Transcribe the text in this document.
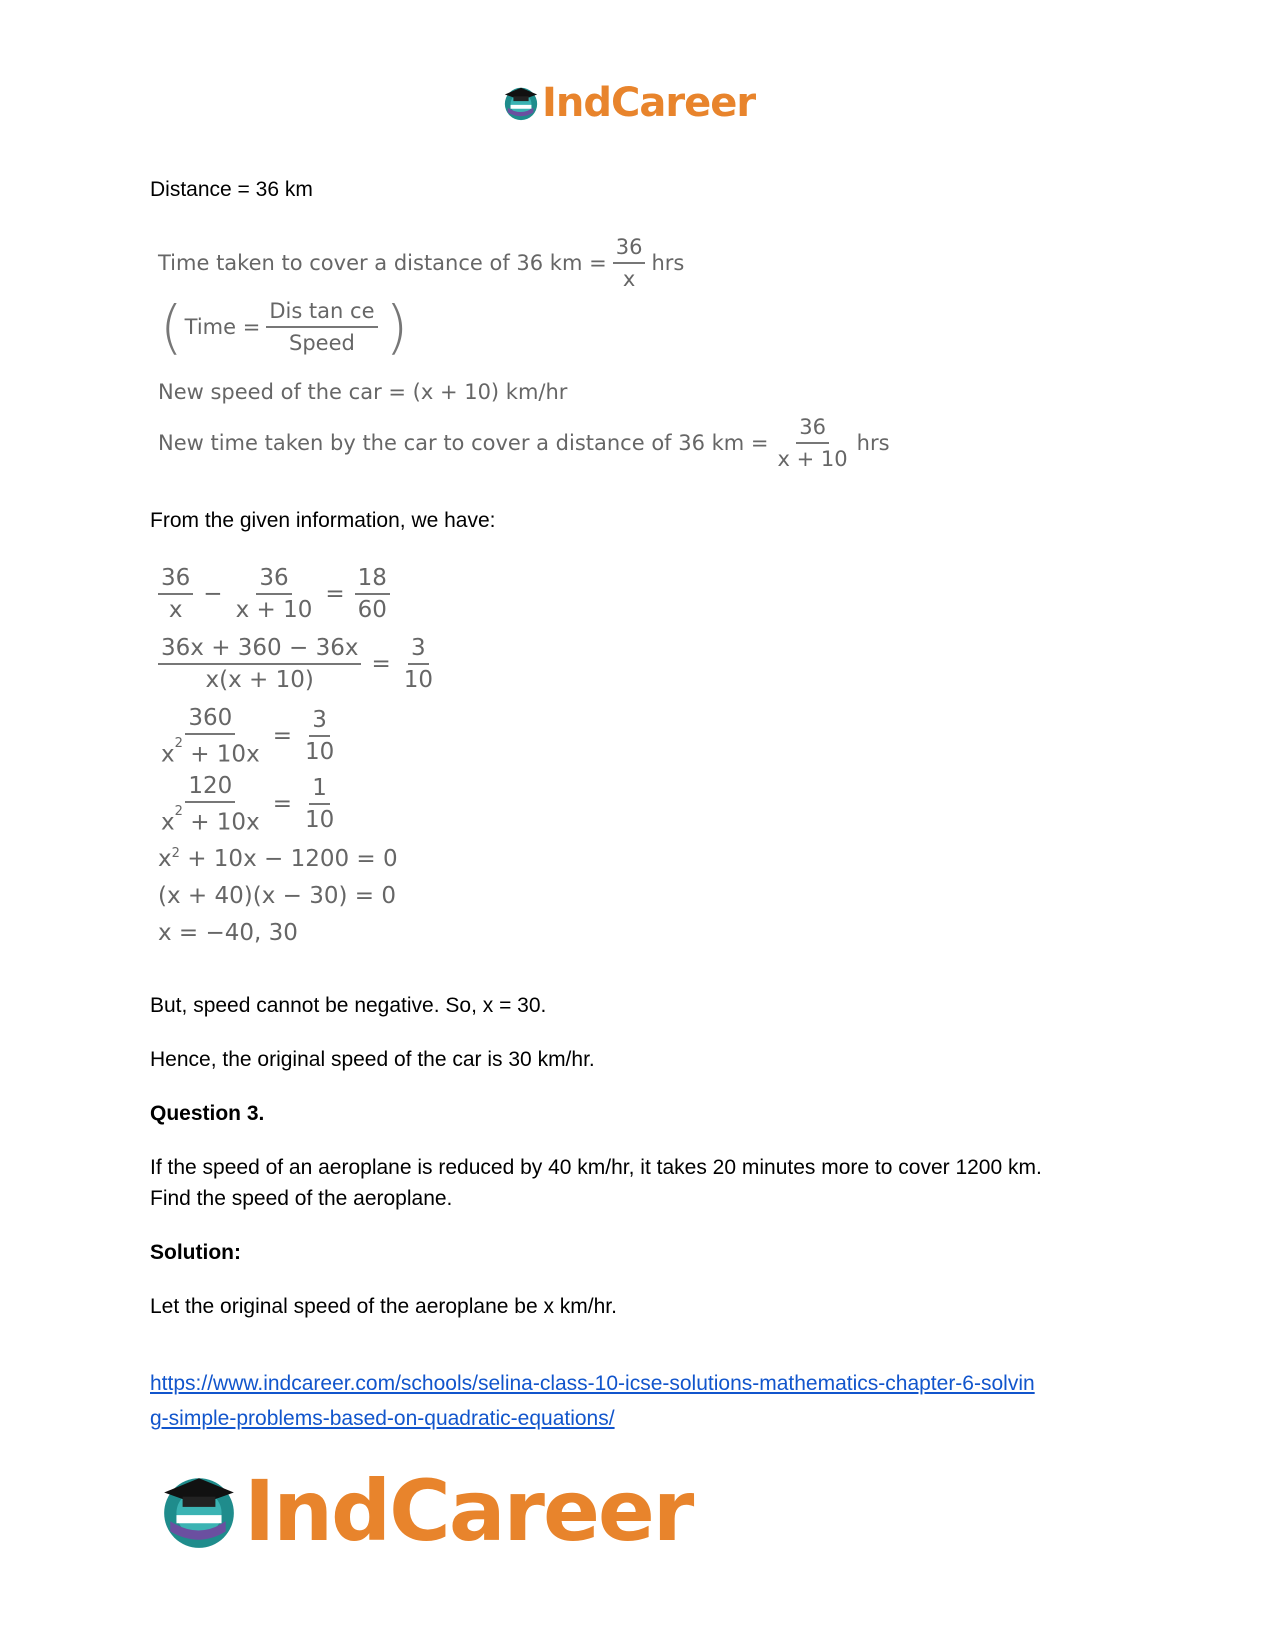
IndCareer
Distance = 36 km
Time taken to cover a distance of 36 km = $\frac{36}{x}$ hrs
( Time = $\frac{\text{Dis tan ce}}{\text{Speed}}$ )
New speed of the car = (x + 10) km/hr
New time taken by the car to cover a distance of 36 km = $\frac{36}{x + 10}$ hrs
From the given information, we have:
$\frac{36}{x} - \frac{36}{x + 10} = \frac{18}{60}$
$\frac{36x + 360 - 36x}{x(x + 10)} = \frac{3}{10}$
$\frac{360}{x^2 + 10x} = \frac{3}{10}$
$\frac{120}{x^2 + 10x} = \frac{1}{10}$
$x^2 + 10x - 1200 = 0$
(x + 40)(x − 30) = 0
x = −40, 30
But, speed cannot be negative. So, x = 30.
Hence, the original speed of the car is 30 km/hr.
Question 3.
If the speed of an aeroplane is reduced by 40 km/hr, it takes 20 minutes more to cover 1200 km.
Find the speed of the aeroplane.
Solution:
Let the original speed of the aeroplane be x km/hr.
https://www.indcareer.com/schools/selina-class-10-icse-solutions-mathematics-chapter-6-solvin
g-simple-problems-based-on-quadratic-equations/
IndCareer
